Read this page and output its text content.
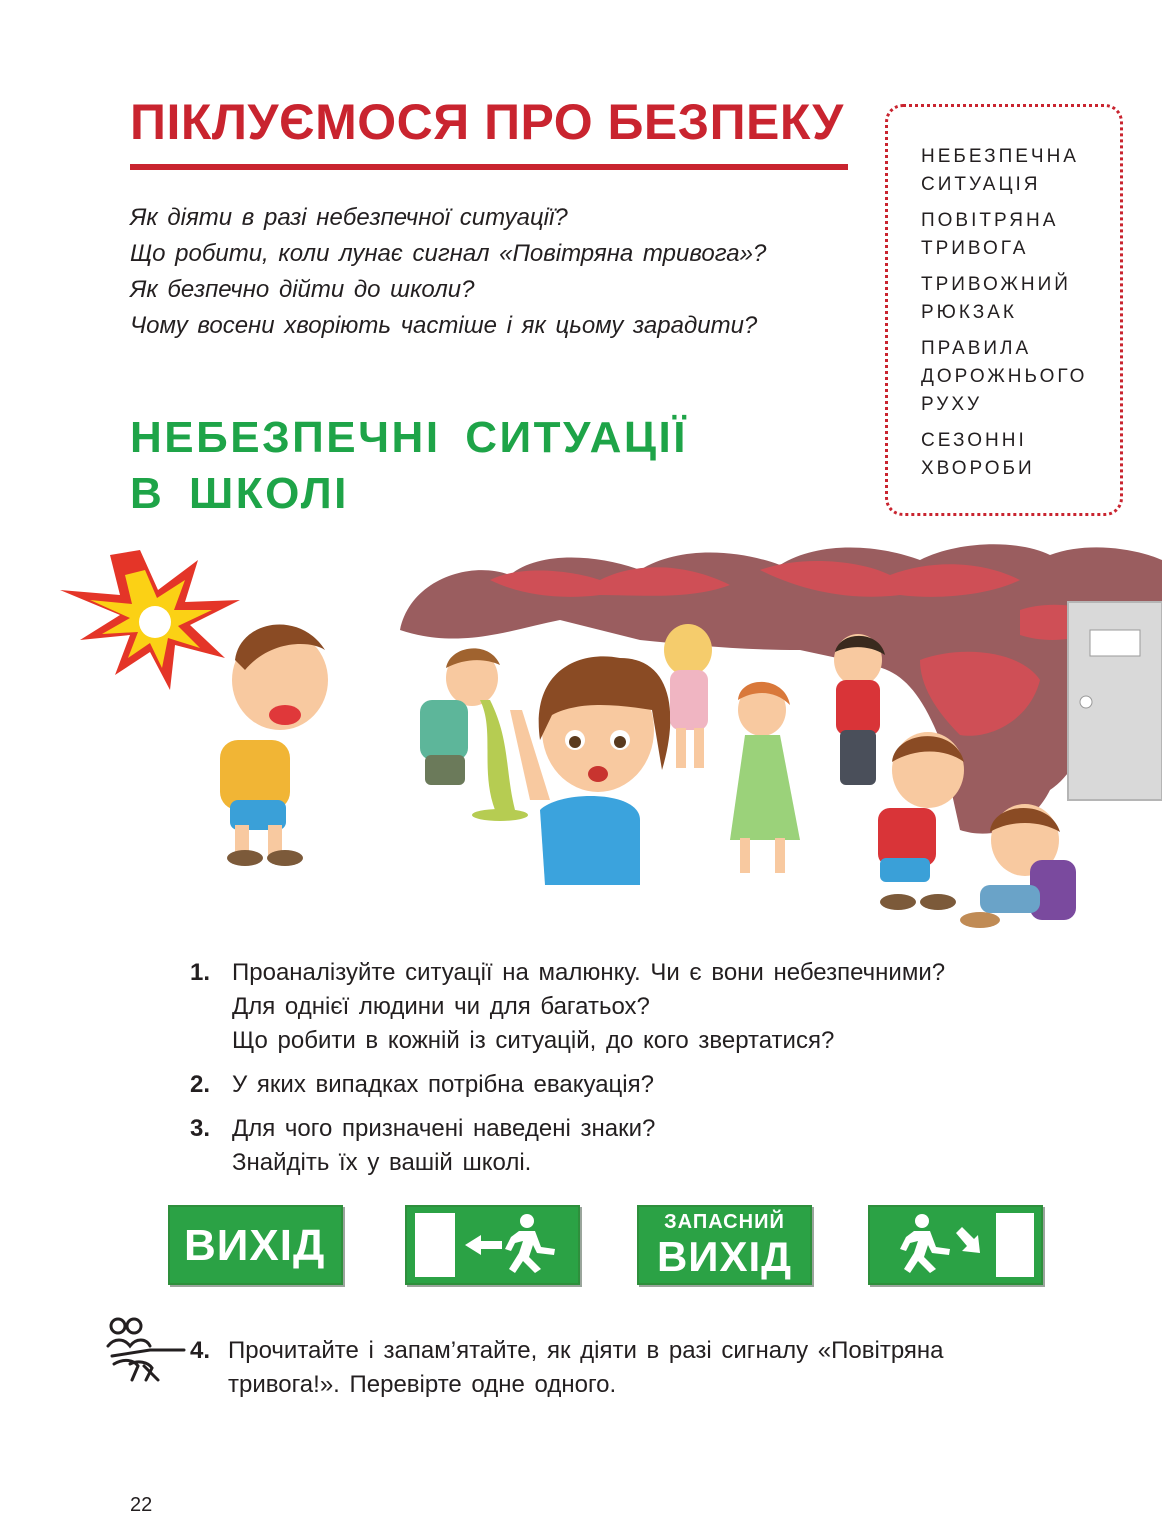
ПІКЛУЄМОСЯ ПРО БЕЗПЕКУ
Як діяти в разі небезпечної ситуації?
Що робити, коли лунає сигнал «Повітряна тривога»?
Як безпечно дійти до школи?
Чому восени хворіють частіше і як цьому зарадити?
НЕБЕЗПЕЧНА
СИТУАЦІЯ
ПОВІТРЯНА
ТРИВОГА
ТРИВОЖНИЙ
РЮКЗАК
ПРАВИЛА
ДОРОЖНЬОГО
РУХУ
СЕЗОННІ
ХВОРОБИ
НЕБЕЗПЕЧНІ СИТУАЦІЇ
В ШКОЛІ
1. Проаналізуйте ситуації на малюнку. Чи є вони небезпечними?
Для однієї людини чи для багатьох?
Що робити в кожній із ситуацій, до кого звертатися?
2. У яких випадках потрібна евакуація?
3. Для чого призначені наведені знаки?
Знайдіть їх у вашій школі.
ВИХІД	ЗАПАСНИЙ
ВИХІД
4. Прочитайте і запам’ятайте, як діяти в разі сигналу «Повітряна
тривога!». Перевірте одне одного.
22
